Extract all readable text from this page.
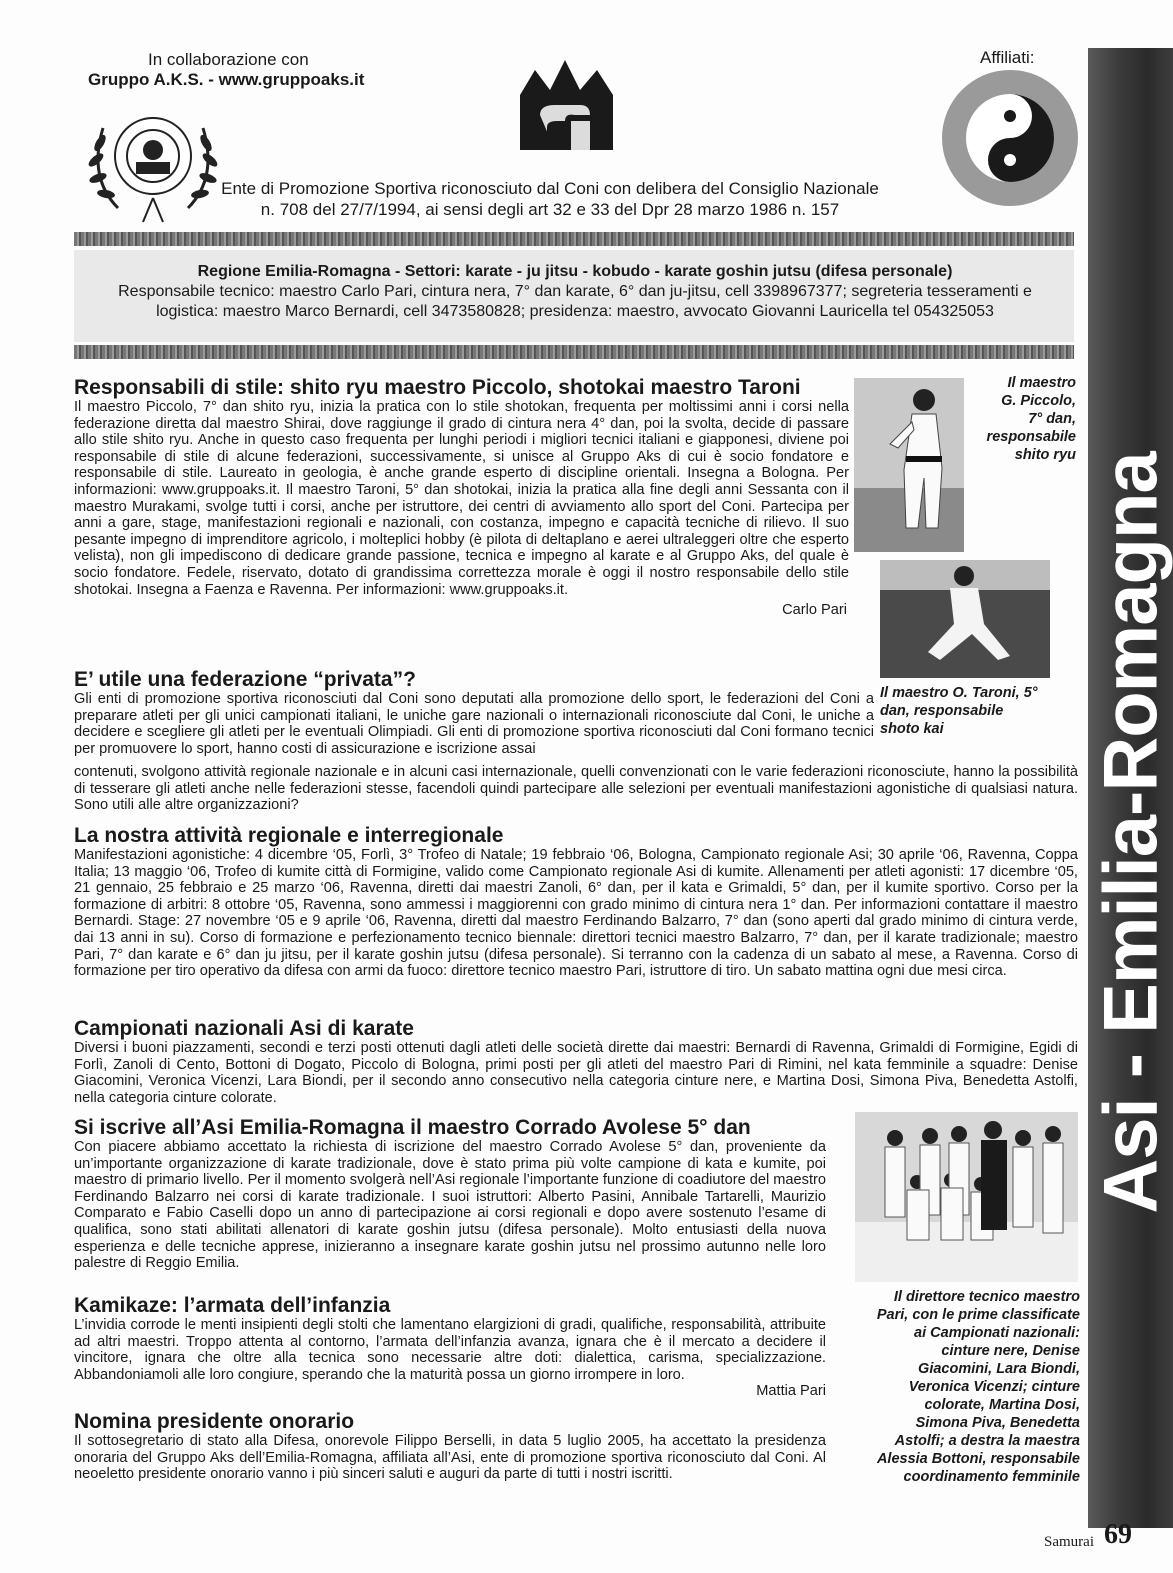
Asi - Emilia-Romagna
In collaborazione con
Gruppo A.K.S. - www.gruppoaks.it
Affiliati:
Ente di Promozione Sportiva riconosciuto dal Coni con delibera del Consiglio Nazionale
n. 708 del 27/7/1994, ai sensi degli art 32 e 33 del Dpr 28 marzo 1986 n. 157
Regione Emilia-Romagna - Settori: karate - ju jitsu - kobudo - karate goshin jutsu (difesa personale)
Responsabile tecnico: maestro Carlo Pari, cintura nera, 7° dan karate, 6° dan ju-jitsu, cell 3398967377; segreteria tesseramenti e
logistica: maestro Marco Bernardi, cell 3473580828; presidenza: maestro, avvocato Giovanni Lauricella tel 054325053
Responsabili di stile: shito ryu maestro Piccolo, shotokai maestro Taroni
Il maestro Piccolo, 7° dan shito ryu, inizia la pratica con lo stile shotokan, frequenta per moltissimi anni i corsi nella federazione diretta dal maestro Shirai, dove raggiunge il grado di cintura nera 4° dan, poi la svolta, decide di passare allo stile shito ryu. Anche in questo caso frequenta per lunghi periodi i migliori tecnici italiani e giapponesi, diviene poi responsabile di stile di alcune federazioni, successivamente, si unisce al Gruppo Aks di cui è socio fondatore e responsabile di stile. Laureato in geologia, è anche grande esperto di discipline orientali. Insegna a Bologna. Per informazioni: www.gruppoaks.it. Il maestro Taroni, 5° dan shotokai, inizia la pratica alla fine degli anni Sessanta con il maestro Murakami, svolge tutti i corsi, anche per istruttore, dei centri di avviamento allo sport del Coni. Partecipa per anni a gare, stage, manifestazioni regionali e nazionali, con costanza, impegno e capacità tecniche di rilievo. Il suo pesante impegno di imprenditore agricolo, i molteplici hobby (è pilota di deltaplano e aerei ultraleggeri oltre che esperto velista), non gli impediscono di dedicare grande passione, tecnica e impegno al karate e al Gruppo Aks, del quale è socio fondatore. Fedele, riservato, dotato di grandissima correttezza morale è oggi il nostro responsabile dello stile shotokai. Insegna a Faenza e Ravenna. Per informazioni: www.gruppoaks.it.
Carlo Pari
Il maestro
G. Piccolo,
7° dan,
responsabile
shito ryu
Il maestro O. Taroni, 5°
dan, responsabile
shoto kai
E’ utile una federazione “privata”?
Gli enti di promozione sportiva riconosciuti dal Coni sono deputati alla promozione dello sport, le federazioni del Coni a preparare atleti per gli unici campionati italiani, le uniche gare nazionali o internazionali riconosciute dal Coni, le uniche a decidere e scegliere gli atleti per le eventuali Olimpiadi. Gli enti di promozione sportiva riconosciuti dal Coni formano tecnici per promuovere lo sport, hanno costi di assicurazione e iscrizione assai
contenuti, svolgono attività regionale nazionale e in alcuni casi internazionale, quelli convenzionati con le varie federazioni riconosciute, hanno la possibilità di tesserare gli atleti anche nelle federazioni stesse, facendoli quindi partecipare alle selezioni per eventuali manifestazioni agonistiche di qualsiasi natura. Sono utili alle altre organizzazioni?
La nostra attività regionale e interregionale
Manifestazioni agonistiche: 4 dicembre ‘05, Forlì, 3° Trofeo di Natale; 19 febbraio ‘06, Bologna, Campionato regionale Asi; 30 aprile ‘06, Ravenna, Coppa Italia; 13 maggio ‘06, Trofeo di kumite città di Formigine, valido come Campionato regionale Asi di kumite. Allenamenti per atleti agonisti: 17 dicembre ‘05, 21 gennaio, 25 febbraio e 25 marzo ‘06, Ravenna, diretti dai maestri Zanoli, 6° dan, per il kata e Grimaldi, 5° dan, per il kumite sportivo. Corso per la formazione di arbitri: 8 ottobre ‘05, Ravenna, sono ammessi i maggiorenni con grado minimo di cintura nera 1° dan. Per informazioni contattare il maestro Bernardi. Stage: 27 novembre ‘05 e 9 aprile ‘06, Ravenna, diretti dal maestro Ferdinando Balzarro, 7° dan (sono aperti dal grado minimo di cintura verde, dai 13 anni in su). Corso di formazione e perfezionamento tecnico biennale: direttori tecnici maestro Balzarro, 7° dan, per il karate tradizionale; maestro Pari, 7° dan karate e 6° dan ju jitsu, per il karate goshin jutsu (difesa personale). Si terranno con la cadenza di un sabato al mese, a Ravenna. Corso di formazione per tiro operativo da difesa con armi da fuoco: direttore tecnico maestro Pari, istruttore di tiro. Un sabato mattina ogni due mesi circa.
Campionati nazionali Asi di karate
Diversi i buoni piazzamenti, secondi e terzi posti ottenuti dagli atleti delle società dirette dai maestri: Bernardi di Ravenna, Grimaldi di Formigine, Egidi di Forlì, Zanoli di Cento, Bottoni di Dogato, Piccolo di Bologna, primi posti per gli atleti del maestro Pari di Rimini, nel kata femminile a squadre: Denise Giacomini, Veronica Vicenzi, Lara Biondi, per il secondo anno consecutivo nella categoria cinture nere, e Martina Dosi, Simona Piva, Benedetta Astolfi, nella categoria cinture colorate.
Si iscrive all’Asi Emilia-Romagna il maestro Corrado Avolese 5° dan
Con piacere abbiamo accettato la richiesta di iscrizione del maestro Corrado Avolese 5° dan, proveniente da un’importante organizzazione di karate tradizionale, dove è stato prima più volte campione di kata e kumite, poi maestro di primario livello. Per il momento svolgerà nell’Asi regionale l’importante funzione di coadiutore del maestro Ferdinando Balzarro nei corsi di karate tradizionale. I suoi istruttori: Alberto Pasini, Annibale Tartarelli, Maurizio Comparato e Fabio Caselli dopo un anno di partecipazione ai corsi regionali e dopo avere sostenuto l’esame di qualifica, sono stati abilitati allenatori di karate goshin jutsu (difesa personale). Molto entusiasti della nuova esperienza e delle tecniche apprese, inizieranno a insegnare karate goshin jutsu nel prossimo autunno nelle loro palestre di Reggio Emilia.
Il direttore tecnico maestro
Pari, con le prime classificate
ai Campionati nazionali:
cinture nere, Denise
Giacomini, Lara Biondi,
Veronica Vicenzi; cinture
colorate, Martina Dosi,
Simona Piva, Benedetta
Astolfi; a destra la maestra
Alessia Bottoni, responsabile
coordinamento femminile
Kamikaze: l’armata dell’infanzia
L’invidia corrode le menti insipienti degli stolti che lamentano elargizioni di gradi, qualifiche, responsabilità, attribuite ad altri maestri. Troppo attenta al contorno, l’armata dell’infanzia avanza, ignara che è il mercato a decidere il vincitore, ignara che oltre alla tecnica sono necessarie altre doti: dialettica, carisma, specializzazione. Abbandoniamoli alle loro congiure, sperando che la maturità possa un giorno irrompere in loro.
Mattia Pari
Nomina presidente onorario
Il sottosegretario di stato alla Difesa, onorevole Filippo Berselli, in data 5 luglio 2005, ha accettato la presidenza onoraria del Gruppo Aks dell’Emilia-Romagna, affiliata all’Asi, ente di promozione sportiva riconosciuto dal Coni. Al neoeletto presidente onorario vanno i più sinceri saluti e auguri da parte di tutti i nostri iscritti.
Samurai 69
